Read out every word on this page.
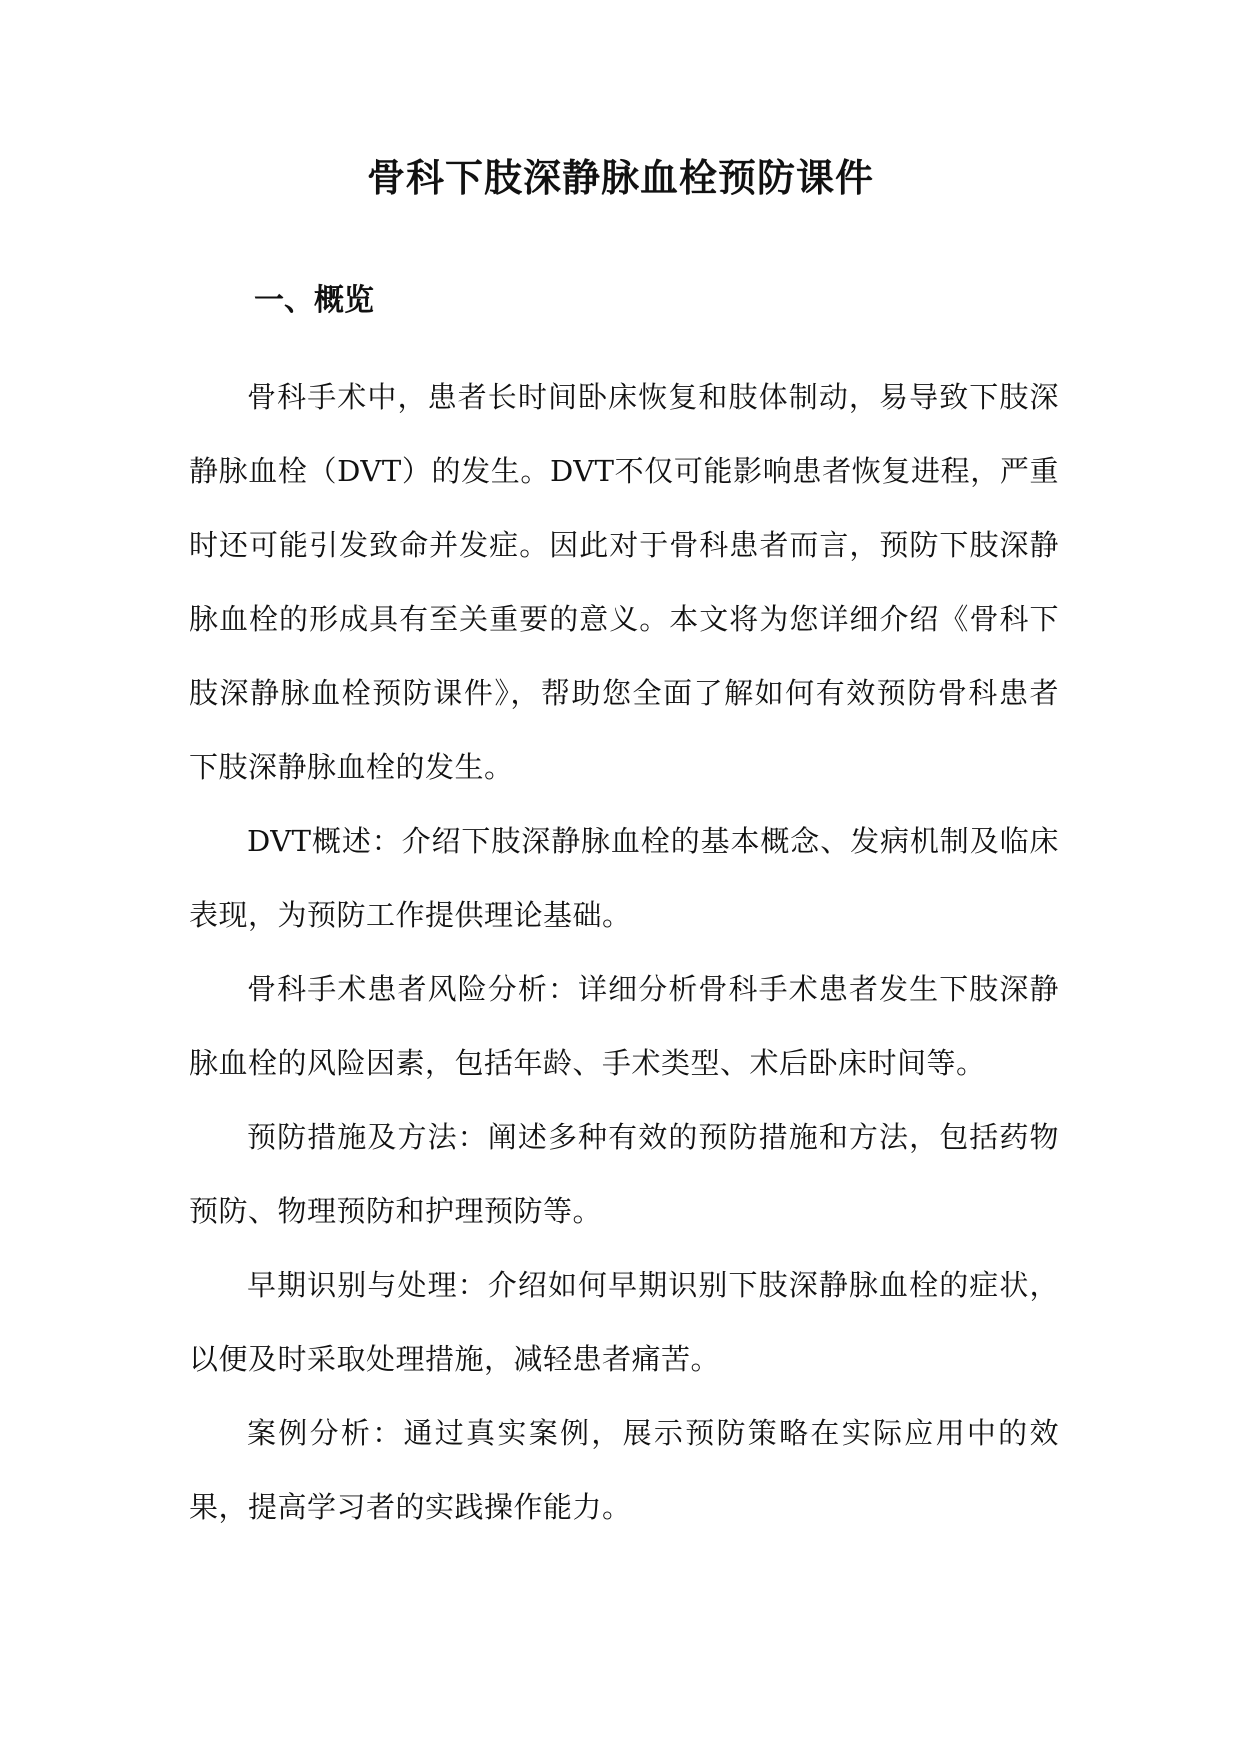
骨科下肢深静脉血栓预防课件
一、概览

骨科手术中，患者长时间卧床恢复和肢体制动，易导致下肢深静脉血栓（DVT）的发生。DVT不仅可能影响患者恢复进程，严重时还可能引发致命并发症。因此对于骨科患者而言，预防下肢深静脉血栓的形成具有至关重要的意义。本文将为您详细介绍《骨科下肢深静脉血栓预防课件》，帮助您全面了解如何有效预防骨科患者下肢深静脉血栓的发生。

DVT概述：介绍下肢深静脉血栓的基本概念、发病机制及临床表现，为预防工作提供理论基础。

骨科手术患者风险分析：详细分析骨科手术患者发生下肢深静脉血栓的风险因素，包括年龄、手术类型、术后卧床时间等。

预防措施及方法：阐述多种有效的预防措施和方法，包括药物预防、物理预防和护理预防等。

早期识别与处理：介绍如何早期识别下肢深静脉血栓的症状，以便及时采取处理措施，减轻患者痛苦。

案例分析：通过真实案例，展示预防策略在实际应用中的效果，提高学习者的实践操作能力。
